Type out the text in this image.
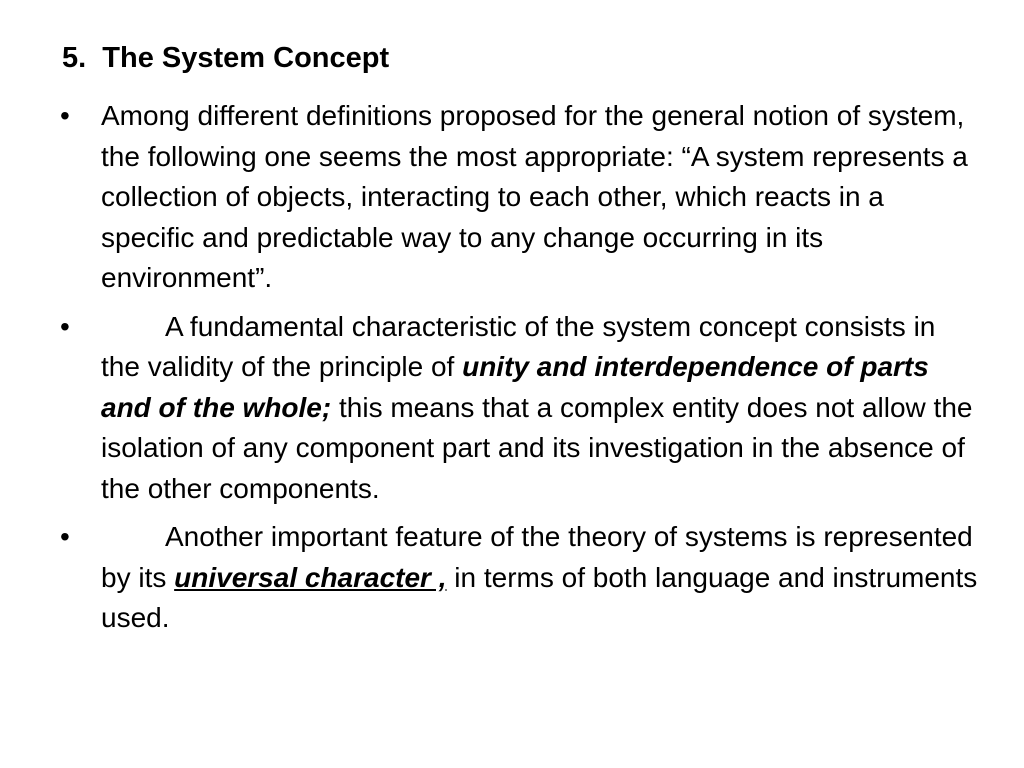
5.  The System Concept
•	Among different definitions proposed for the general notion of system, the following one seems the most appropriate: “A system represents a collection of objects, interacting to each other, which reacts in a specific and predictable way to any change occurring in its environment”.
•	A fundamental characteristic of the system concept consists in the validity of the principle of unity and interdependence of parts and of the whole; this means that a complex entity does not allow the isolation of any component part and its investigation in the absence of the other components.
•	Another important feature of the theory of systems is represented by its universal character , in terms of both language and instruments used.
